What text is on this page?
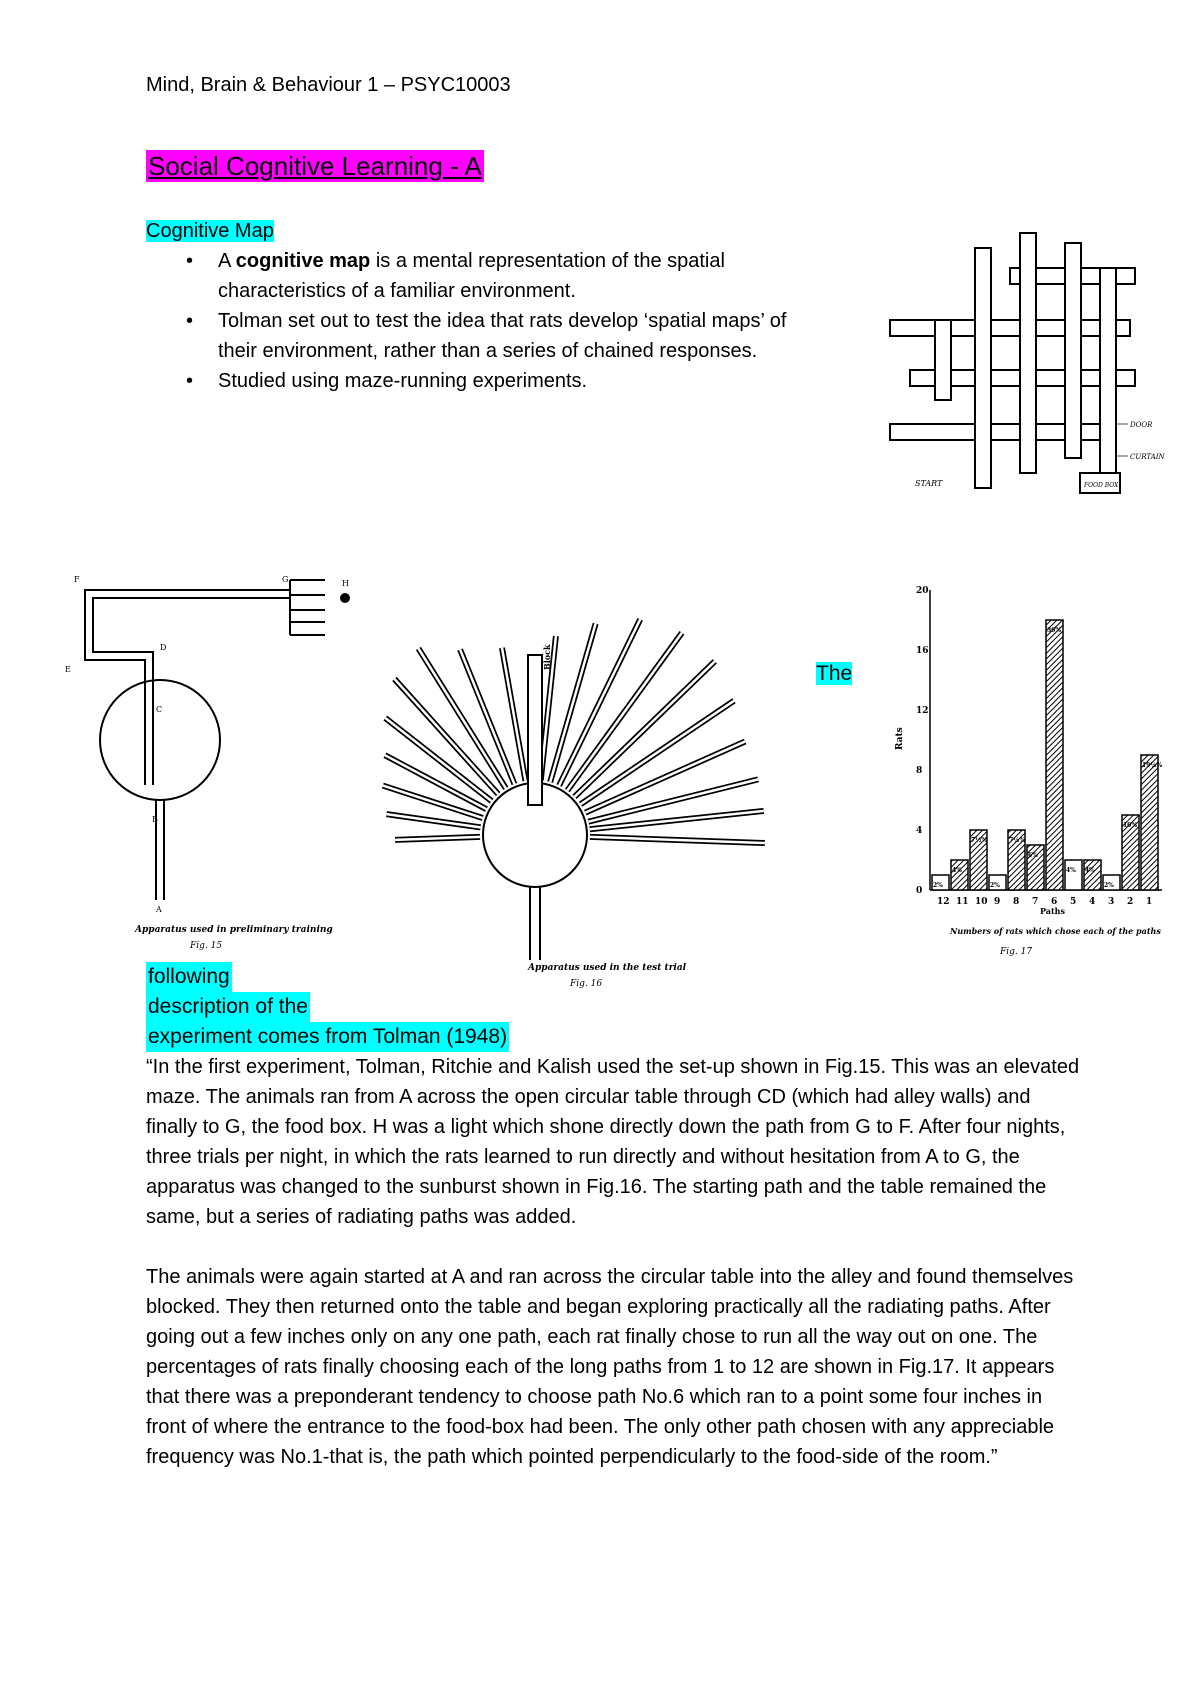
Mind, Brain & Behaviour 1 – PSYC10003
Social Cognitive Learning - A
Cognitive Map
• A cognitive map is a mental representation of the spatial characteristics of a familiar environment.
• Tolman set out to test the idea that rats develop ‘spatial maps’ of their environment, rather than a series of chained responses.
• Studied using maze-running experiments.
START	FOOD BOX
DOOR
CURTAIN
A
B
C
D
E
F	G	H
Apparatus used in preliminary training
Fig. 15
Block
Apparatus used in the test trial
Fig. 16
The
0
4
8
12
16
20
Rats
2%
12
4%
11
7½%
10
2%
9
7½%
8
6%
7
36%
6
4%
5
4%
4
2%
3
10%
2
19½%
1
Paths
Numbers of rats which chose each of the paths
Fig. 17
following
description of the
experiment comes from Tolman (1948)

“In the first experiment, Tolman, Ritchie and Kalish used the set-up shown in Fig.15. This was an elevated maze. The animals ran from A across the open circular table through CD (which had alley walls) and finally to G, the food box. H was a light which shone directly down the path from G to F. After four nights, three trials per night, in which the rats learned to run directly and without hesitation from A to G, the apparatus was changed to the sunburst shown in Fig.16. The starting path and the table remained the same, but a series of radiating paths was added.

The animals were again started at A and ran across the circular table into the alley and found themselves blocked. They then returned onto the table and began exploring practically all the radiating paths. After going out a few inches only on any one path, each rat finally chose to run all the way out on one. The percentages of rats finally choosing each of the long paths from 1 to 12 are shown in Fig.17. It appears that there was a preponderant tendency to choose path No.6 which ran to a point some four inches in front of where the entrance to the food-box had been. The only other path chosen with any appreciable frequency was No.1-that is, the path which pointed perpendicularly to the food-side of the room.”
